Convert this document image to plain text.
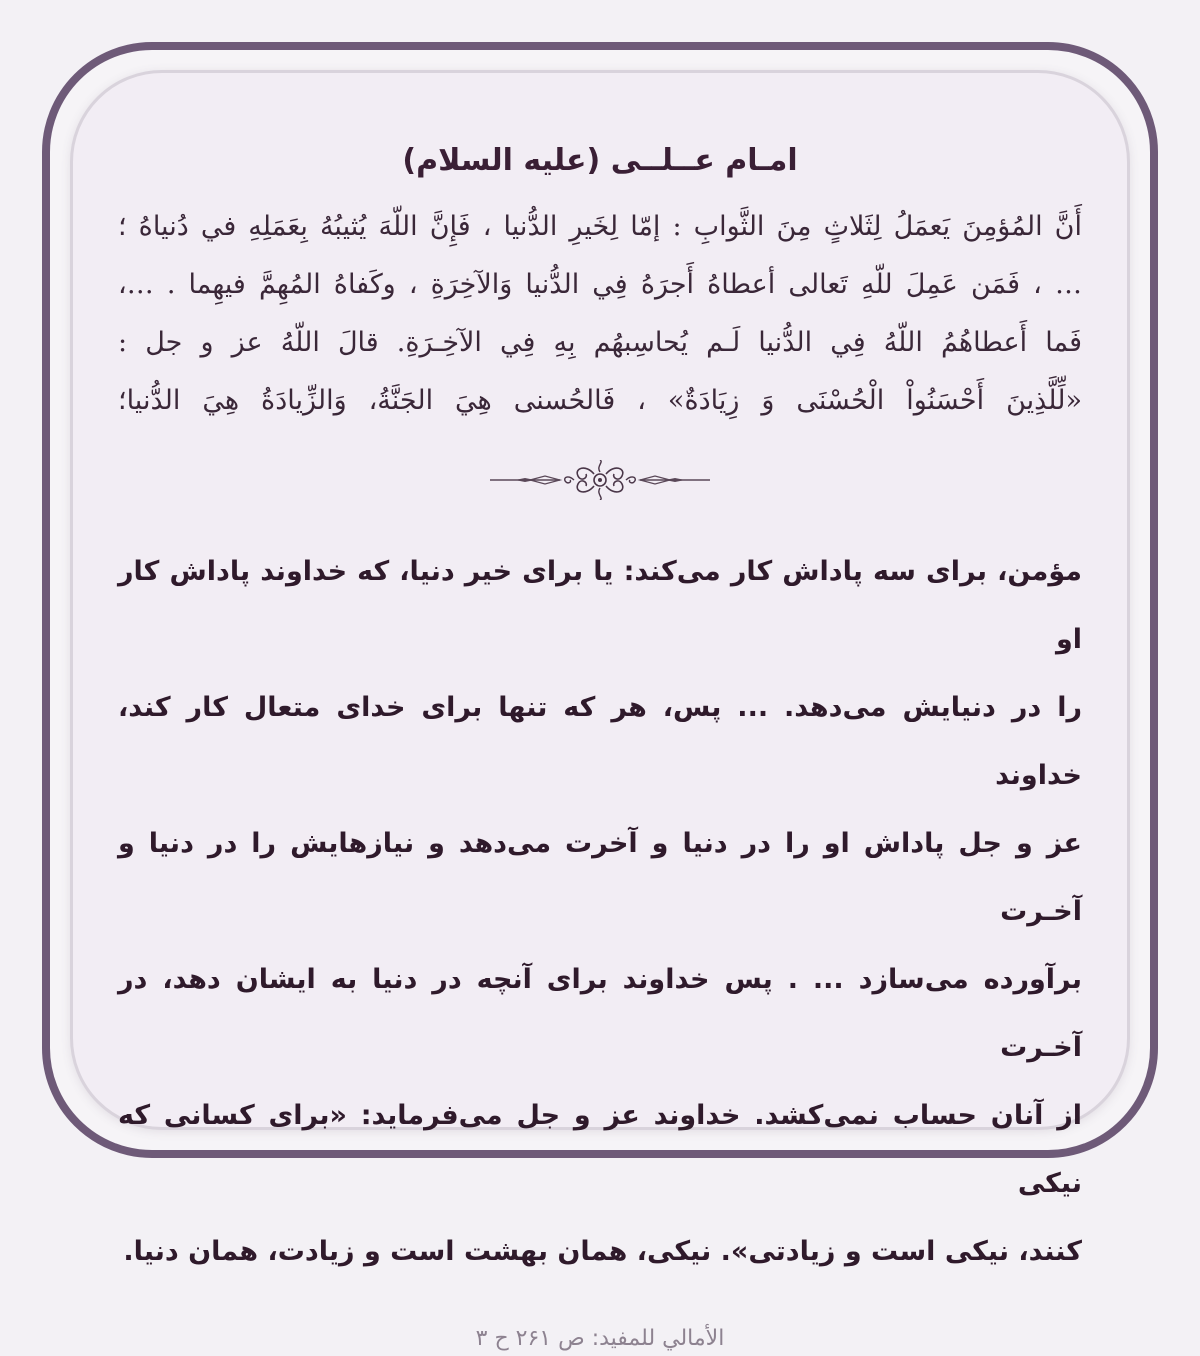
امـام عــلــی (علیه السلام)
أَنَّ المُؤمِنَ يَعمَلُ لِثَلاثٍ مِنَ الثَّوابِ : إمّا لِخَيرِ الدُّنيا ، فَإِنَّ اللّهَ يُثيبُهُ بِعَمَلِهِ في دُنياهُ ؛
… ، فَمَن عَمِلَ للّهِ تَعالى أعطاهُ أَجرَهُ فِي الدُّنيا وَالآخِرَةِ ، وكَفاهُ المُهِمَّ فيهِما . …،
فَما أَعطاهُمُ اللّهُ فِي الدُّنيا لَـم يُحاسِبهُم بِهِ فِي الآخِـرَةِ. قالَ اللّهُ عز و جل :
«لِّلَّذِينَ أَحْسَنُواْ الْحُسْنَى وَ زِيَادَةٌ» ، فَالحُسنى هِيَ الجَنَّةُ، وَالزِّيادَةُ هِيَ الدُّنيا؛
مؤمن، برای سه پاداش کار می‌کند: یا برای خیر دنیا، که خداوند پاداش کار او
را در دنیایش می‌دهد. ... پس، هر که تنها برای خدای متعال کار کند، خداوند
عز و جل پاداش او را در دنیا و آخرت می‌دهد و نیازهایش را در دنیا و آخـرت
برآورده می‌سازد ... . پس خداوند برای آنچه در دنیا به ایشان دهد، در آخـرت
از آنان حساب نمی‌کشد. خداوند عز و جل می‌فرماید: «برای کسانی که نیکی
کنند، نیکی است و زیادتی». نیکی، همان بهشت است و زیادت، همان دنیا.
الأمالي للمفيد: ص ۲۶۱ ح ۳
